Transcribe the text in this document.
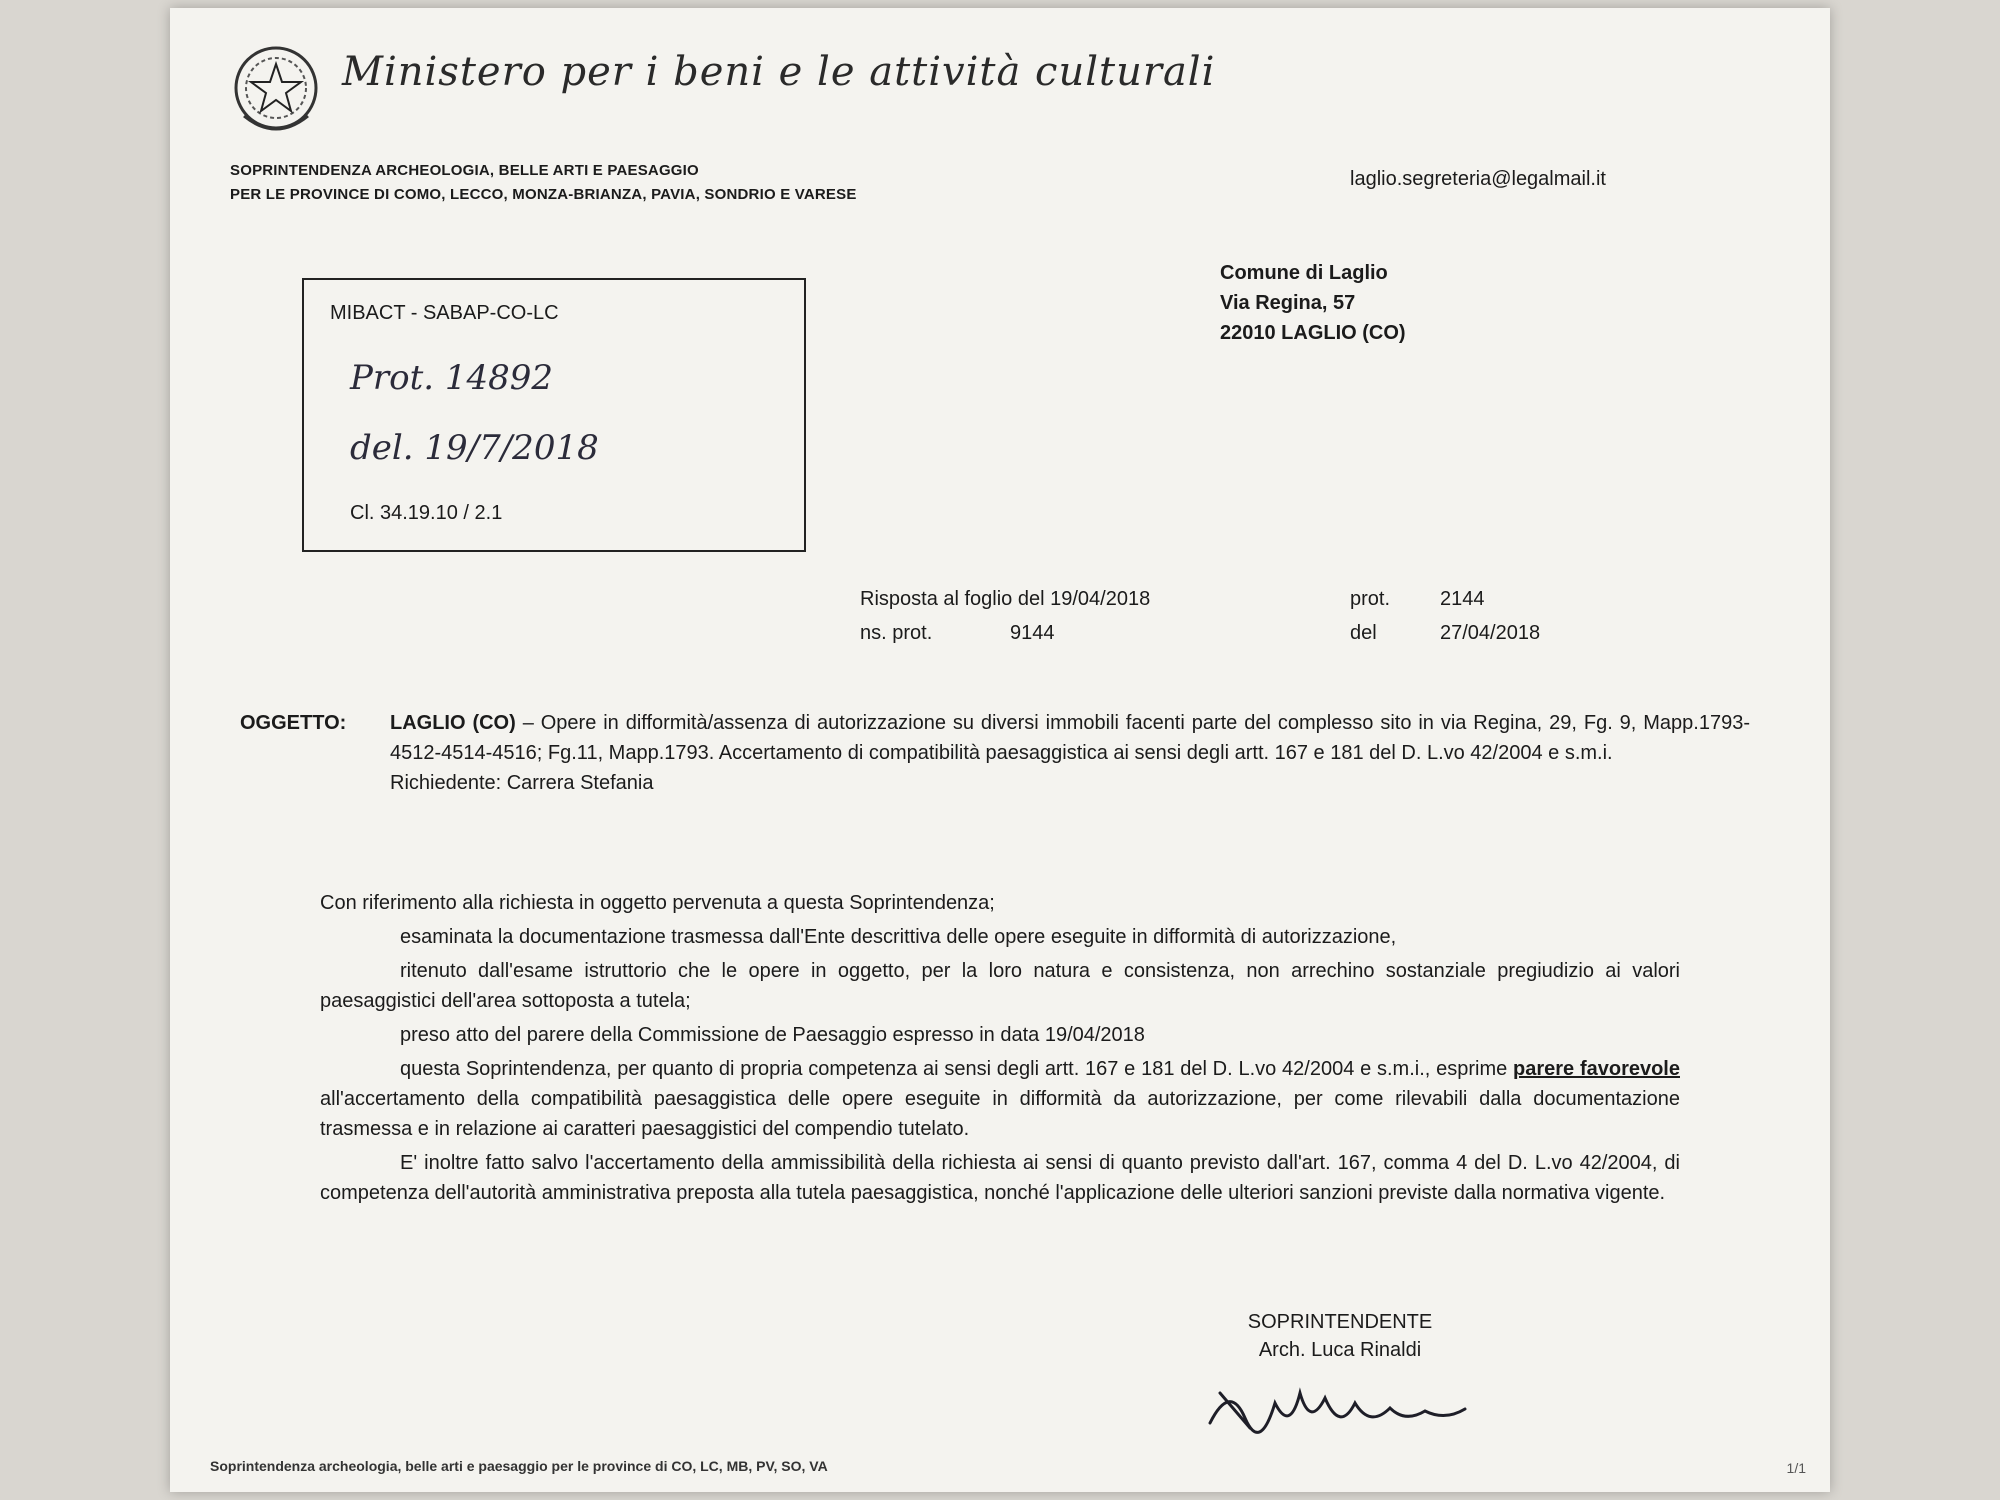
Ministero per i beni e le attività culturali
SOPRINTENDENZA ARCHEOLOGIA, BELLE ARTI E PAESAGGIO
PER LE PROVINCE DI COMO, LECCO, MONZA-BRIANZA, PAVIA, SONDRIO E VARESE
laglio.segreteria@legalmail.it
MIBACT - SABAP-CO-LC
Prot. 14892
del. 19/7/2018
Cl. 34.19.10 / 2.1
Comune di Laglio
Via Regina, 57
22010 LAGLIO (CO)
Risposta al foglio del 19/04/2018	prot. 2144
ns. prot.	9144	del	27/04/2018
OGGETTO: LAGLIO (CO) – Opere in difformità/assenza di autorizzazione su diversi immobili facenti parte del complesso sito in via Regina, 29, Fg. 9, Mapp.1793-4512-4514-4516; Fg.11, Mapp.1793. Accertamento di compatibilità paesaggistica ai sensi degli artt. 167 e 181 del D. L.vo 42/2004 e s.m.i.
Richiedente: Carrera Stefania

Con riferimento alla richiesta in oggetto pervenuta a questa Soprintendenza;

esaminata la documentazione trasmessa dall'Ente descrittiva delle opere eseguite in difformità di autorizzazione,

ritenuto dall'esame istruttorio che le opere in oggetto, per la loro natura e consistenza, non arrechino sostanziale pregiudizio ai valori paesaggistici dell'area sottoposta a tutela;

preso atto del parere della Commissione de Paesaggio espresso in data 19/04/2018

questa Soprintendenza, per quanto di propria competenza ai sensi degli artt. 167 e 181 del D. L.vo 42/2004 e s.m.i., esprime parere favorevole all'accertamento della compatibilità paesaggistica delle opere eseguite in difformità da autorizzazione, per come rilevabili dalla documentazione trasmessa e in relazione ai caratteri paesaggistici del compendio tutelato.

E' inoltre fatto salvo l'accertamento della ammissibilità della richiesta ai sensi di quanto previsto dall'art. 167, comma 4 del D. L.vo 42/2004, di competenza dell'autorità amministrativa preposta alla tutela paesaggistica, nonché l'applicazione delle ulteriori sanzioni previste dalla normativa vigente.

SOPRINTENDENTE
Arch. Luca Rinaldi
Soprintendenza archeologia, belle arti e paesaggio per le province di CO, LC, MB, PV, SO, VA	1/1
